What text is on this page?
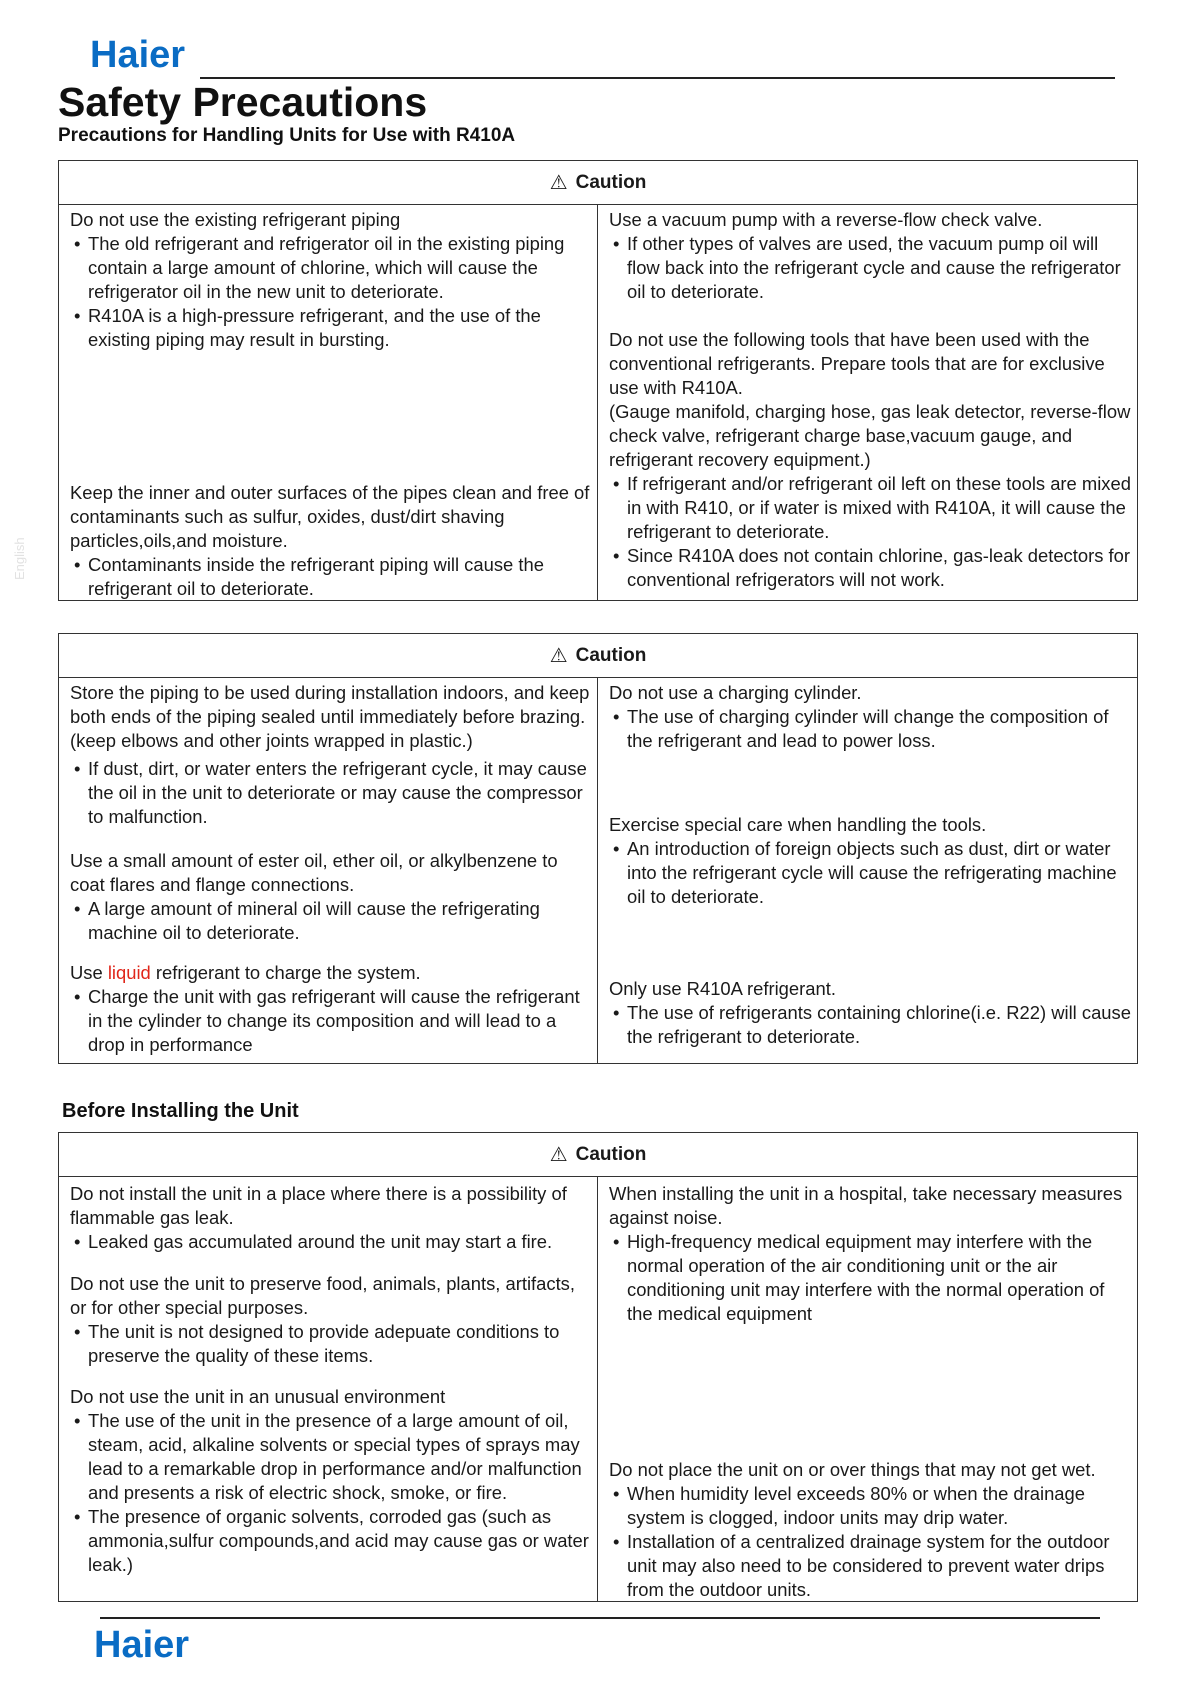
Haier
Safety Precautions
Precautions for Handling Units for Use with R410A
English
⚠ Caution
Do not use the existing refrigerant piping
• The old refrigerant and refrigerator oil in the existing piping contain a large amount of chlorine, which will cause the refrigerator oil in the new unit to deteriorate.
• R410A is a high-pressure refrigerant, and the use of the existing piping may result in bursting.
Keep the inner and outer surfaces of the pipes clean and free of contaminants such as sulfur, oxides, dust/dirt shaving particles,oils,and moisture.
• Contaminants inside the refrigerant piping will cause the refrigerant oil to deteriorate.
Use a vacuum pump with a reverse-flow check valve.
• If other types of valves are used, the vacuum pump oil will flow back into the refrigerant cycle and cause the refrigerator oil to deteriorate.
Do not use the following tools that have been used with the conventional refrigerants. Prepare tools that are for exclusive use with R410A.
(Gauge manifold, charging hose, gas leak detector, reverse-flow check valve, refrigerant charge base,vacuum gauge, and refrigerant recovery equipment.)
• If refrigerant and/or refrigerant oil left on these tools are mixed in with R410, or if water is mixed with R410A, it will cause the refrigerant to deteriorate.
• Since R410A does not contain chlorine, gas-leak detectors for conventional refrigerators will not work.
⚠ Caution
Store the piping to be used during installation indoors, and keep both ends of the piping sealed until immediately before brazing.(keep elbows and other joints wrapped in plastic.)
• If dust, dirt, or water enters the refrigerant cycle, it may cause the oil in the unit to deteriorate or may cause the compressor to malfunction.
Use a small amount of ester oil, ether oil, or alkylbenzene to coat flares and flange connections.
• A large amount of mineral oil will cause the refrigerating machine oil to deteriorate.
Use liquid refrigerant to charge the system.
• Charge the unit with gas refrigerant will cause the refrigerant in the cylinder to change its composition and will lead to a drop in performance
Do not use a charging cylinder.
• The use of charging cylinder will change the composition of the refrigerant and lead to power loss.
Exercise special care when handling the tools.
• An introduction of foreign objects such as dust, dirt or water into the refrigerant cycle will cause the refrigerating machine oil to deteriorate.
Only use R410A refrigerant.
• The use of refrigerants containing chlorine(i.e. R22) will cause the refrigerant to deteriorate.
Before Installing the Unit
⚠ Caution
Do not install the unit in a place where there is a possibility of flammable gas leak.
• Leaked gas accumulated around the unit may start a fire.
Do not use the unit to preserve food, animals, plants, artifacts, or for other special purposes.
• The unit is not designed to provide adepuate conditions to preserve the quality of these items.
Do not use the unit in an unusual environment
• The use of the unit in the presence of a large amount of oil, steam, acid, alkaline solvents or special types of sprays may lead to a remarkable drop in performance and/or malfunction and presents a risk of electric shock, smoke, or fire.
• The presence of organic solvents, corroded gas (such as ammonia,sulfur compounds,and acid may cause gas or water leak.)
When installing the unit in a hospital, take necessary measures against noise.
• High-frequency medical equipment may interfere with the normal operation of the air conditioning unit or the air conditioning unit may interfere with the normal operation of the medical equipment
Do not place the unit on or over things that may not get wet.
• When humidity level exceeds 80% or when the drainage system is clogged, indoor units may drip water.
• Installation of a centralized drainage system for the outdoor unit may also need to be considered to prevent water drips from the outdoor units.
Haier
